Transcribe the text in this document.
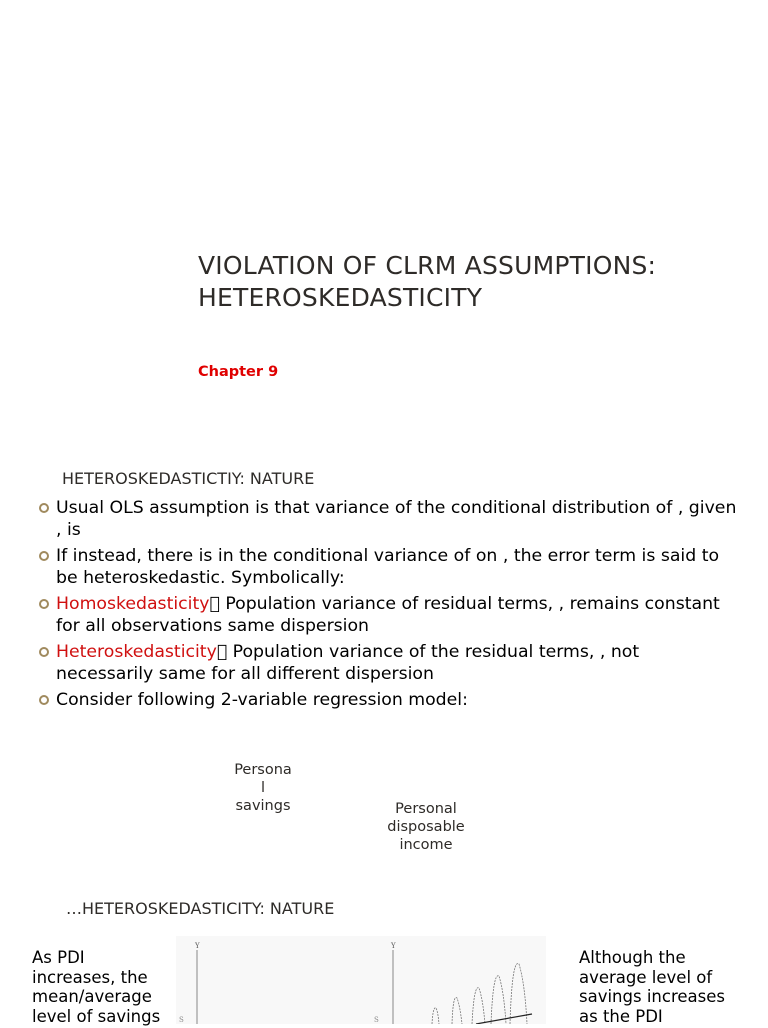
VIOLATION OF CLRM ASSUMPTIONS: HETEROSKEDASTICITY
Chapter 9
HETEROSKEDASTICTIY: NATURE
Usual OLS assumption is that variance of the conditional distribution of , given , is
If instead, there is in the conditional variance of on , the error term is said to be heteroskedastic. Symbolically:
Homoskedasticity Population variance of residual terms, , remains constant for all observations same dispersion
Heteroskedasticity Population variance of the residual terms, , not necessarily same for all different dispersion
Consider following 2-variable regression model:
Persona
l
savings	Personal
disposable
income
…HETEROSKEDASTICITY: NATURE
As PDI increases, the mean/average level of savings
Y
S
Y
S
Although the average level of savings increases as the PDI
